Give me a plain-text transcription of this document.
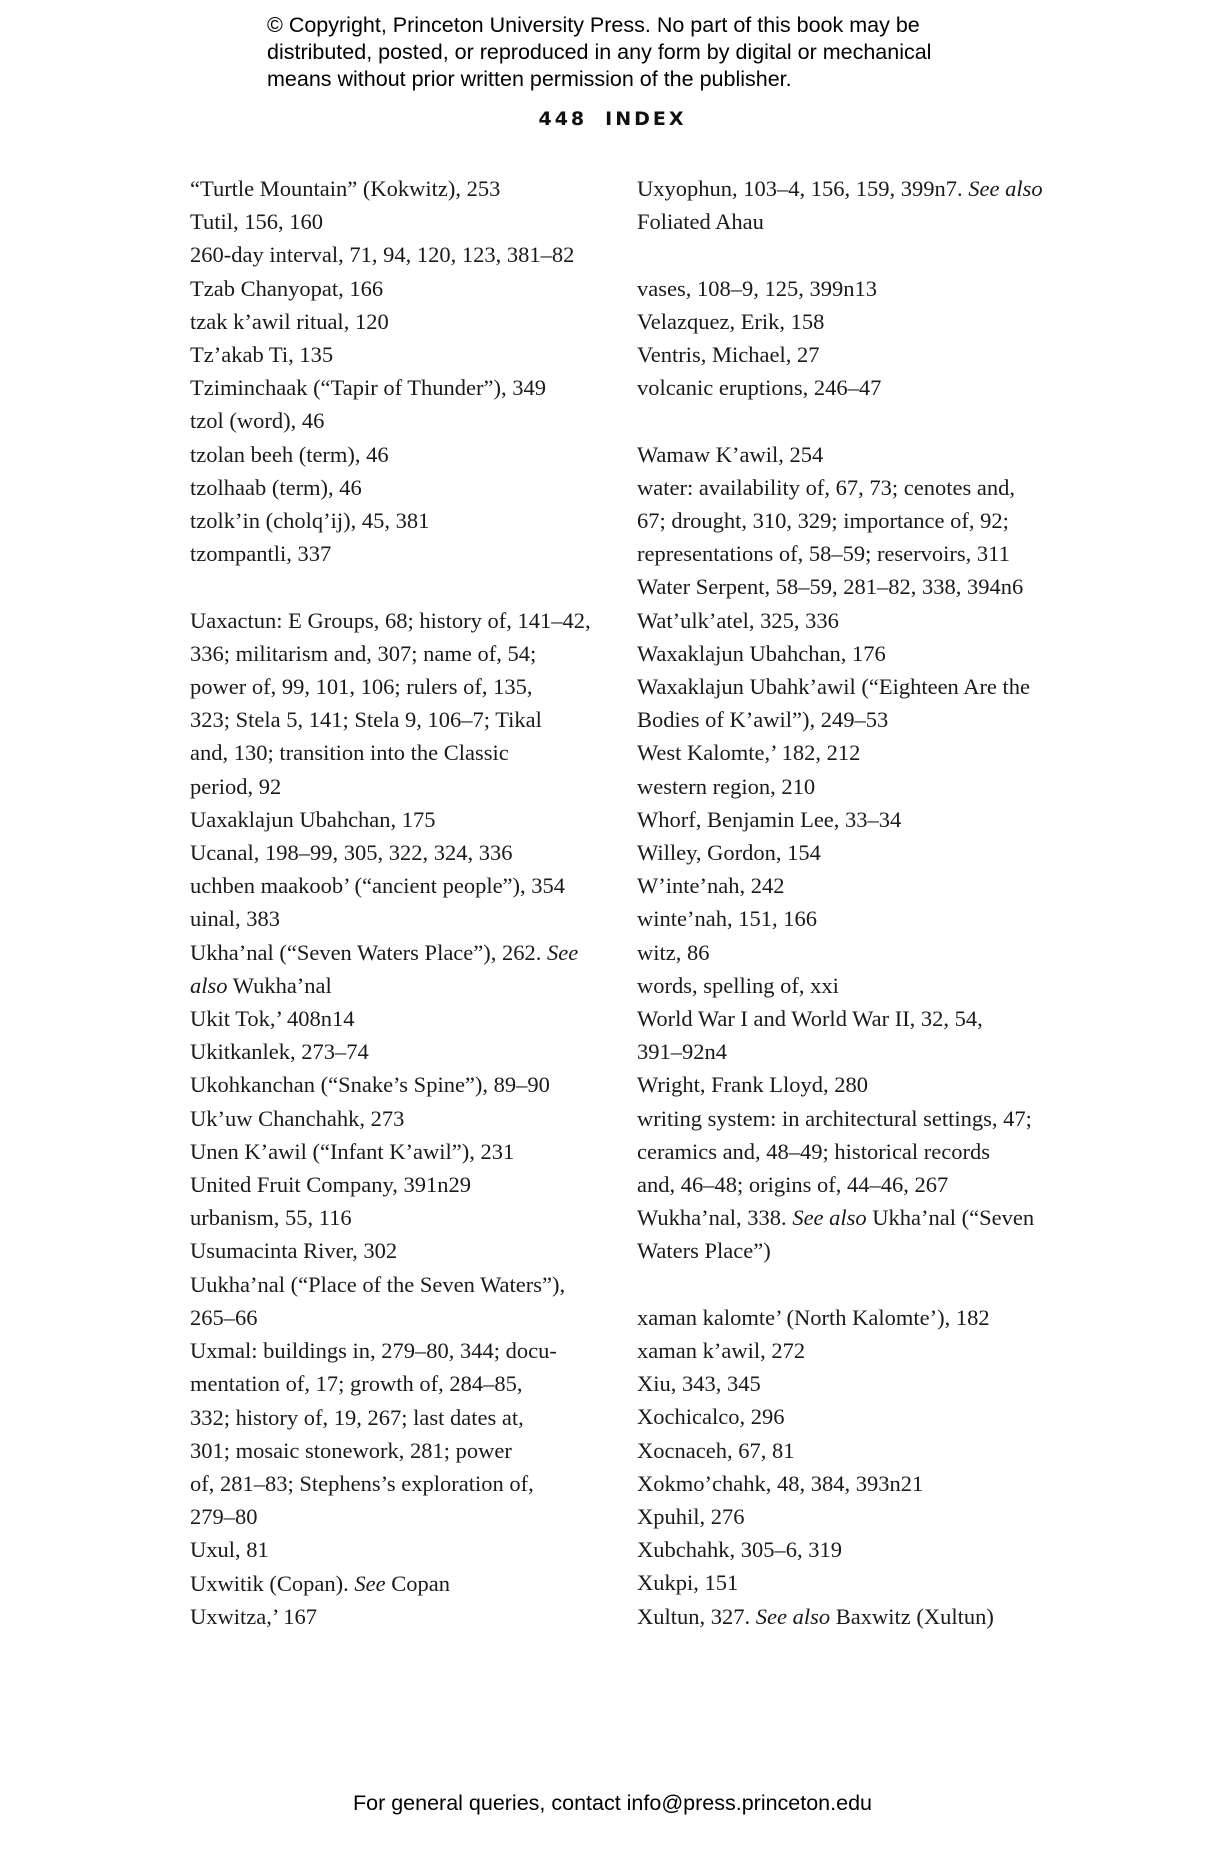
© Copyright, Princeton University Press. No part of this book may be
distributed, posted, or reproduced in any form by digital or mechanical
means without prior written permission of the publisher.
448 INDEX
“Turtle Mountain” (Kokwitz), 253
Tutil, 156, 160
260-day interval, 71, 94, 120, 123, 381–82
Tzab Chanyopat, 166
tzak k’awil ritual, 120
Tz’akab Ti, 135
Tziminchaak (“Tapir of Thunder”), 349
tzol (word), 46
tzolan beeh (term), 46
tzolhaab (term), 46
tzolk’in (cholq’ij), 45, 381
tzompantli, 337
Uaxactun: E Groups, 68; history of, 141–42,
336; militarism and, 307; name of, 54;
power of, 99, 101, 106; rulers of, 135,
323; Stela 5, 141; Stela 9, 106–7; Tikal
and, 130; transition into the Classic
period, 92
Uaxaklajun Ubahchan, 175
Ucanal, 198–99, 305, 322, 324, 336
uchben maakoob’ (“ancient people”), 354
uinal, 383
Ukha’nal (“Seven Waters Place”), 262. See
also Wukha’nal
Ukit Tok,’ 408n14
Ukitkanlek, 273–74
Ukohkanchan (“Snake’s Spine”), 89–90
Uk’uw Chanchahk, 273
Unen K’awil (“Infant K’awil”), 231
United Fruit Company, 391n29
urbanism, 55, 116
Usumacinta River, 302
Uukha’nal (“Place of the Seven Waters”),
265–66
Uxmal: buildings in, 279–80, 344; docu-
mentation of, 17; growth of, 284–85,
332; history of, 19, 267; last dates at,
301; mosaic stonework, 281; power
of, 281–83; Stephens’s exploration of,
279–80
Uxul, 81
Uxwitik (Copan). See Copan
Uxwitza,’ 167
Uxyophun, 103–4, 156, 159, 399n7. See also
Foliated Ahau
vases, 108–9, 125, 399n13
Velazquez, Erik, 158
Ventris, Michael, 27
volcanic eruptions, 246–47
Wamaw K’awil, 254
water: availability of, 67, 73; cenotes and,
67; drought, 310, 329; importance of, 92;
representations of, 58–59; reservoirs, 311
Water Serpent, 58–59, 281–82, 338, 394n6
Wat’ulk’atel, 325, 336
Waxaklajun Ubahchan, 176
Waxaklajun Ubahk’awil (“Eighteen Are the
Bodies of K’awil”), 249–53
West Kalomte,’ 182, 212
western region, 210
Whorf, Benjamin Lee, 33–34
Willey, Gordon, 154
W’inte’nah, 242
winte’nah, 151, 166
witz, 86
words, spelling of, xxi
World War I and World War II, 32, 54,
391–92n4
Wright, Frank Lloyd, 280
writing system: in architectural settings, 47;
ceramics and, 48–49; historical records
and, 46–48; origins of, 44–46, 267
Wukha’nal, 338. See also Ukha’nal (“Seven
Waters Place”)
xaman kalomte’ (North Kalomte’), 182
xaman k’awil, 272
Xiu, 343, 345
Xochicalco, 296
Xocnaceh, 67, 81
Xokmo’chahk, 48, 384, 393n21
Xpuhil, 276
Xubchahk, 305–6, 319
Xukpi, 151
Xultun, 327. See also Baxwitz (Xultun)
For general queries, contact info@press.princeton.edu
